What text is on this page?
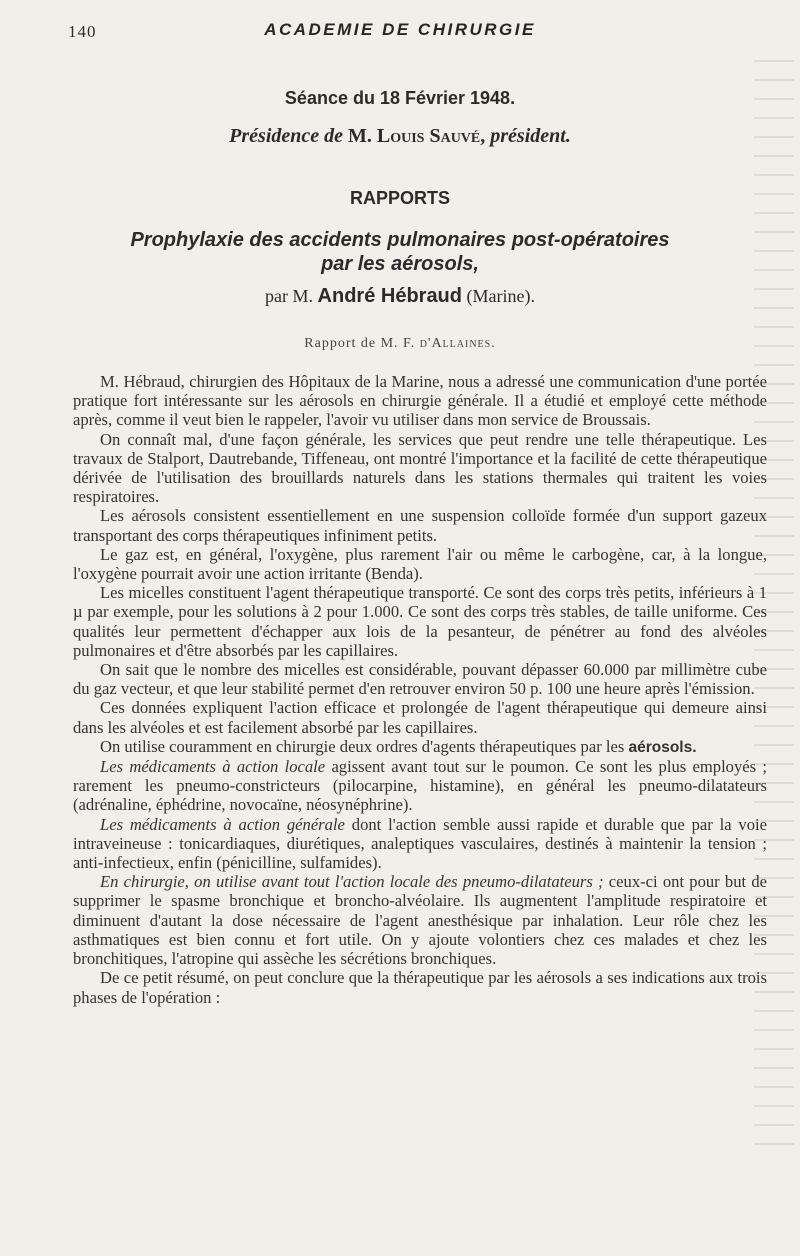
140	ACADEMIE DE CHIRURGIE
Séance du 18 Février 1948.
Présidence de M. Louis Sauvé, président.
RAPPORTS
Prophylaxie des accidents pulmonaires post-opératoires
par les aérosols,
par M. André Hébraud (Marine).
Rapport de M. F. d'Allaines.

M. Hébraud, chirurgien des Hôpitaux de la Marine, nous a adressé une communication d'une portée pratique fort intéressante sur les aérosols en chirurgie générale. Il a étudié et employé cette méthode après, comme il veut bien le rappeler, l'avoir vu utiliser dans mon service de Broussais.

On connaît mal, d'une façon générale, les services que peut rendre une telle thérapeutique. Les travaux de Stalport, Dautrebande, Tiffeneau, ont montré l'importance et la facilité de cette thérapeutique dérivée de l'utilisation des brouillards naturels dans les stations thermales qui traitent les voies respiratoires.

Les aérosols consistent essentiellement en une suspension colloïde formée d'un support gazeux transportant des corps thérapeutiques infiniment petits.

Le gaz est, en général, l'oxygène, plus rarement l'air ou même le carbogène, car, à la longue, l'oxygène pourrait avoir une action irritante (Benda).

Les micelles constituent l'agent thérapeutique transporté. Ce sont des corps très petits, inférieurs à 1 µ par exemple, pour les solutions à 2 pour 1.000. Ce sont des corps très stables, de taille uniforme. Ces qualités leur permettent d'échapper aux lois de la pesanteur, de pénétrer au fond des alvéoles pulmonaires et d'être absorbés par les capillaires.

On sait que le nombre des micelles est considérable, pouvant dépasser 60.000 par millimètre cube du gaz vecteur, et que leur stabilité permet d'en retrouver environ 50 p. 100 une heure après l'émission.

Ces données expliquent l'action efficace et prolongée de l'agent thérapeutique qui demeure ainsi dans les alvéoles et est facilement absorbé par les capillaires.

On utilise couramment en chirurgie deux ordres d'agents thérapeutiques par les aérosols.

Les médicaments à action locale agissent avant tout sur le poumon. Ce sont les plus employés ; rarement les pneumo-constricteurs (pilocarpine, histamine), en général les pneumo-dilatateurs (adrénaline, éphédrine, novocaïne, néosynéphrine).

Les médicaments à action générale dont l'action semble aussi rapide et durable que par la voie intraveineuse : tonicardiaques, diurétiques, analeptiques vasculaires, destinés à maintenir la tension ; anti-infectieux, enfin (pénicilline, sulfamides).

En chirurgie, on utilise avant tout l'action locale des pneumo-dilatateurs ; ceux-ci ont pour but de supprimer le spasme bronchique et broncho-alvéolaire. Ils augmentent l'amplitude respiratoire et diminuent d'autant la dose nécessaire de l'agent anesthésique par inhalation. Leur rôle chez les asthmatiques est bien connu et fort utile. On y ajoute volontiers chez ces malades et chez les bronchitiques, l'atropine qui assèche les sécrétions bronchiques.

De ce petit résumé, on peut conclure que la thérapeutique par les aérosols a ses indications aux trois phases de l'opération :
